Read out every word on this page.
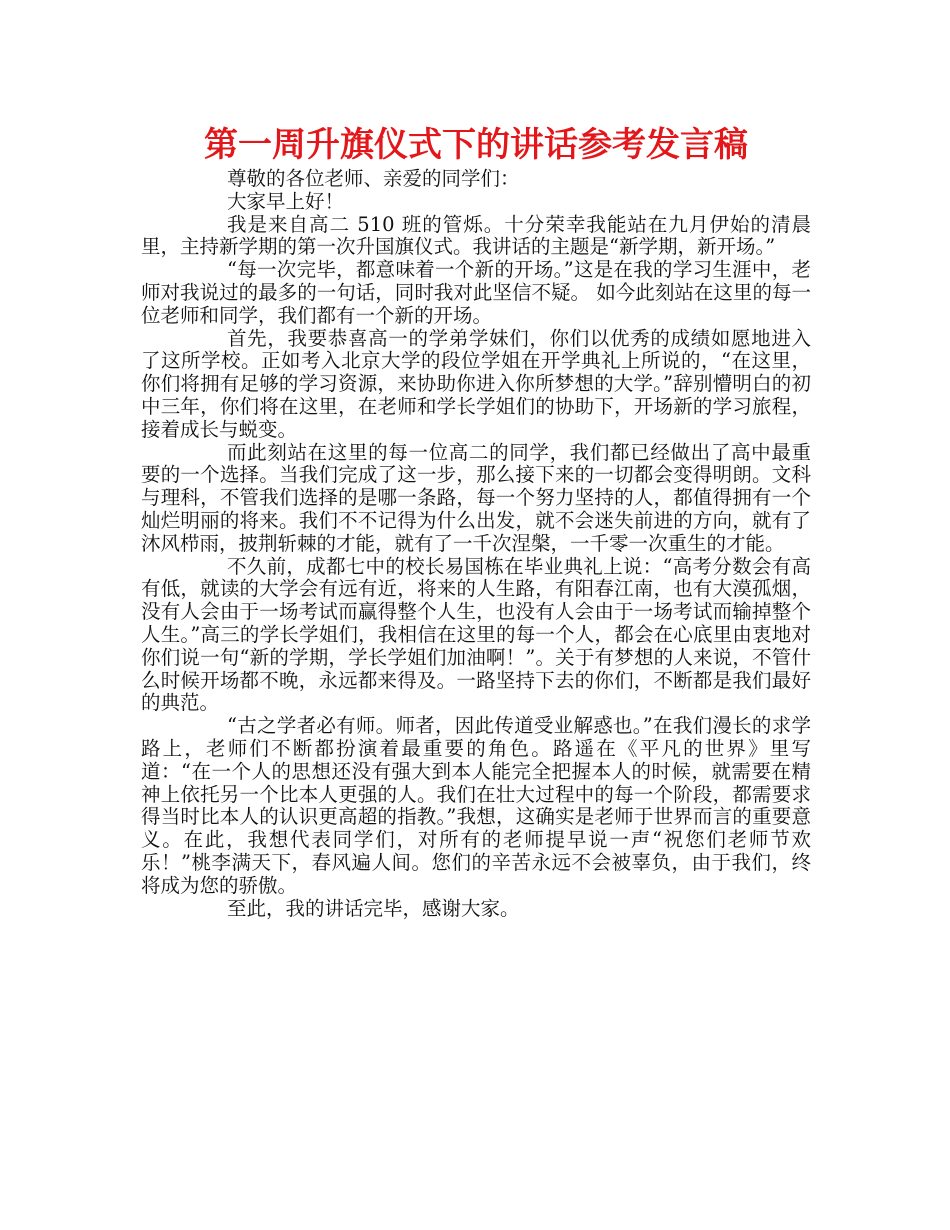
第一周升旗仪式下的讲话参考发言稿

尊敬的各位老师、亲爱的同学们：

大家早上好！

我是来自高二 510 班的管烁。十分荣幸我能站在九月伊始的清晨里，主持新学期的第一次升国旗仪式。我讲话的主题是“新学期，新开场。”

“每一次完毕，都意味着一个新的开场。”这是在我的学习生涯中，老师对我说过的最多的一句话，同时我对此坚信不疑。 如今此刻站在这里的每一位老师和同学，我们都有一个新的开场。

首先，我要恭喜高一的学弟学妹们，你们以优秀的成绩如愿地进入了这所学校。正如考入北京大学的段位学姐在开学典礼上所说的，“在这里，你们将拥有足够的学习资源，来协助你进入你所梦想的大学。”辞别懵明白的初中三年，你们将在这里，在老师和学长学姐们的协助下，开场新的学习旅程，接着成长与蜕变。

而此刻站在这里的每一位高二的同学，我们都已经做出了高中最重要的一个选择。当我们完成了这一步，那么接下来的一切都会变得明朗。文科与理科，不管我们选择的是哪一条路，每一个努力坚持的人，都值得拥有一个灿烂明丽的将来。我们不不记得为什么出发，就不会迷失前进的方向，就有了沐风栉雨，披荆斩棘的才能，就有了一千次涅槃，一千零一次重生的才能。

不久前，成都七中的校长易国栋在毕业典礼上说：“高考分数会有高有低，就读的大学会有远有近，将来的人生路，有阳春江南，也有大漠孤烟，没有人会由于一场考试而赢得整个人生，也没有人会由于一场考试而输掉整个人生。”高三的学长学姐们，我相信在这里的每一个人，都会在心底里由衷地对你们说一句“新的学期，学长学姐们加油啊！”。关于有梦想的人来说，不管什么时候开场都不晚，永远都来得及。一路坚持下去的你们，不断都是我们最好的典范。

“古之学者必有师。师者，因此传道受业解惑也。”在我们漫长的求学路上，老师们不断都扮演着最重要的角色。路遥在《平凡的世界》里写道：“在一个人的思想还没有强大到本人能完全把握本人的时候，就需要在精神上依托另一个比本人更强的人。我们在壮大过程中的每一个阶段，都需要求得当时比本人的认识更高超的指教。”我想，这确实是老师于世界而言的重要意义。在此，我想代表同学们，对所有的老师提早说一声“祝您们老师节欢乐！”桃李满天下，春风遍人间。您们的辛苦永远不会被辜负，由于我们，终将成为您的骄傲。

至此，我的讲话完毕，感谢大家。
